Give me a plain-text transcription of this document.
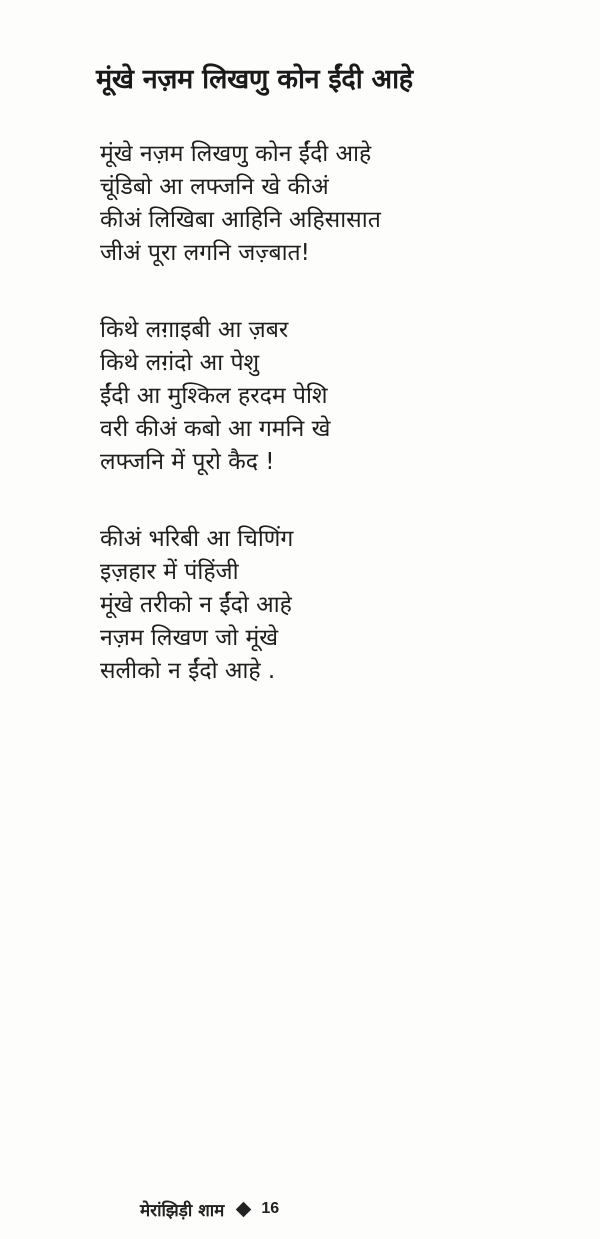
मूंखे नज़म लिखणु कोन ईंदी आहे
मूंखे नज़म लिखणु कोन ईंदी आहे
चूंडिबो आ लफ्जनि खे कीअं
कीअं लिखिबा आहिनि अहिसासात
जीअं पूरा लगनि जज़्बात!
किथे लग़ाइबी आ ज़बर
किथे लग़ंदो आ पेशु
ईंदी आ मुश्किल हरदम पेशि
वरी कीअं कबो आ गमनि खे
लफ्जनि में पूरो कैद !
कीअं भरिबी आ चिणिंग
इज़हार में पंहिंजी
मूंखे तरीको न ईंदो आहे
नज़म लिखण जो मूंखे
सलीको न ईंदो आहे .
मेरांझिड़ी शाम 16
